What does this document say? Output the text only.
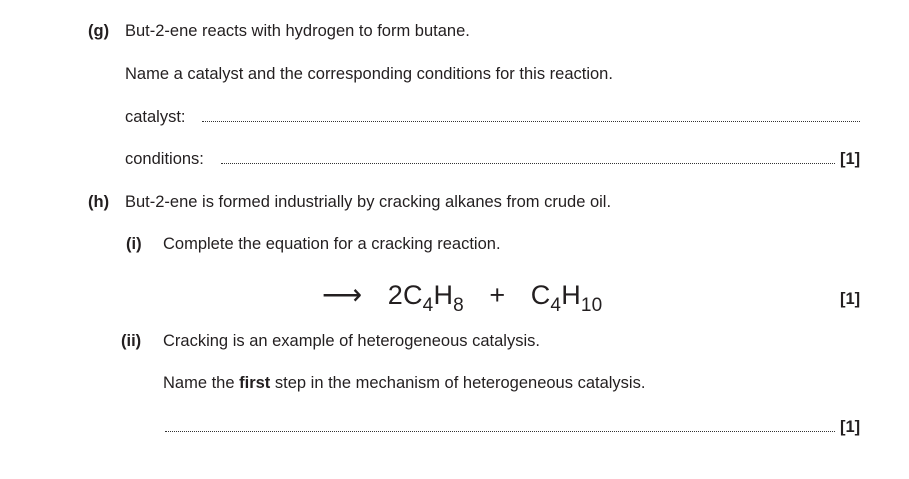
(g) But-2-ene reacts with hydrogen to form butane.
Name a catalyst and the corresponding conditions for this reaction.
catalyst:
conditions:	[1]
(h) But-2-ene is formed industrially by cracking alkanes from crude oil.
(i) Complete the equation for a cracking reaction.
⟶ $2C_4H_8 + C_4H_{10}$	[1]
(ii) Cracking is an example of heterogeneous catalysis.
Name the first step in the mechanism of heterogeneous catalysis.
[1]
